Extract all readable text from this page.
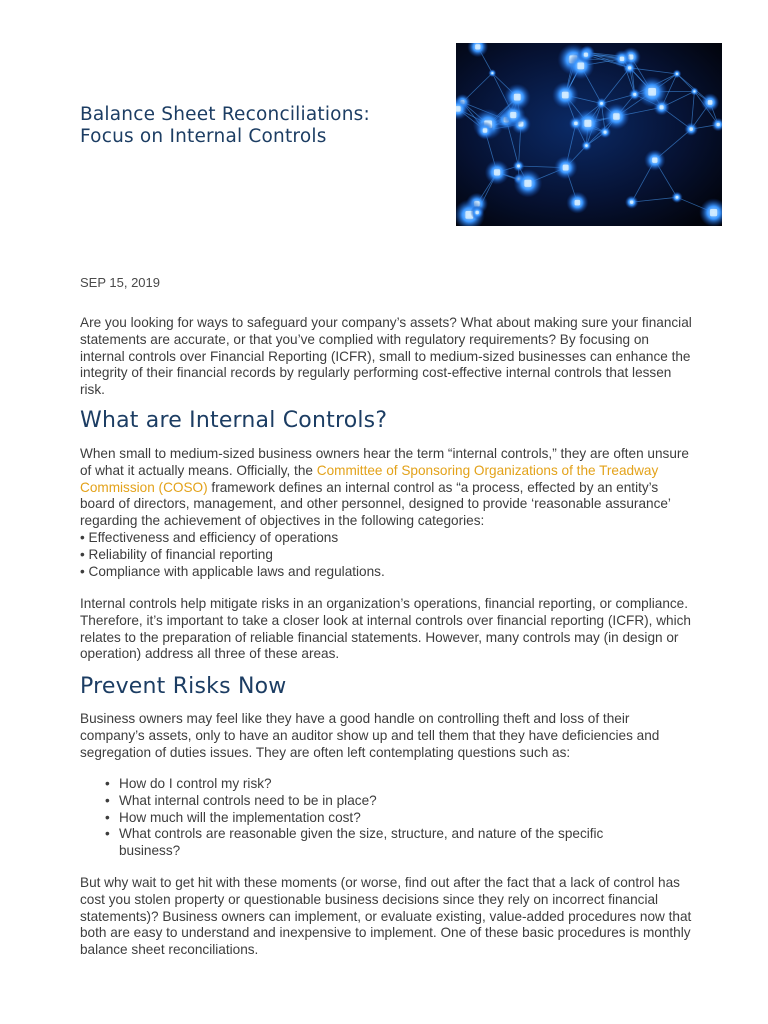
Balance Sheet Reconciliations: Focus on Internal Controls

SEP 15, 2019

Are you looking for ways to safeguard your company’s assets? What about making sure your financial statements are accurate, or that you’ve complied with regulatory requirements? By focusing on internal controls over Financial Reporting (ICFR), small to medium-sized businesses can enhance the integrity of their financial records by regularly performing cost-effective internal controls that lessen risk.

What are Internal Controls?

When small to medium-sized business owners hear the term “internal controls,” they are often unsure of what it actually means. Officially, the Committee of Sponsoring Organizations of the Treadway Commission (COSO) framework defines an internal control as “a process, effected by an entity’s board of directors, management, and other personnel, designed to provide ‘reasonable assurance’ regarding the achievement of objectives in the following categories:
• Effectiveness and efficiency of operations
• Reliability of financial reporting
• Compliance with applicable laws and regulations.

Internal controls help mitigate risks in an organization’s operations, financial reporting, or compliance. Therefore, it’s important to take a closer look at internal controls over financial reporting (ICFR), which relates to the preparation of reliable financial statements. However, many controls may (in design or operation) address all three of these areas.

Prevent Risks Now

Business owners may feel like they have a good handle on controlling theft and loss of their company’s assets, only to have an auditor show up and tell them that they have deficiencies and segregation of duties issues. They are often left contemplating questions such as:

• How do I control my risk?
• What internal controls need to be in place?
• How much will the implementation cost?
• What controls are reasonable given the size, structure, and nature of the specific business?

But why wait to get hit with these moments (or worse, find out after the fact that a lack of control has cost you stolen property or questionable business decisions since they rely on incorrect financial statements)? Business owners can implement, or evaluate existing, value-added procedures now that both are easy to understand and inexpensive to implement. One of these basic procedures is monthly balance sheet reconciliations.
